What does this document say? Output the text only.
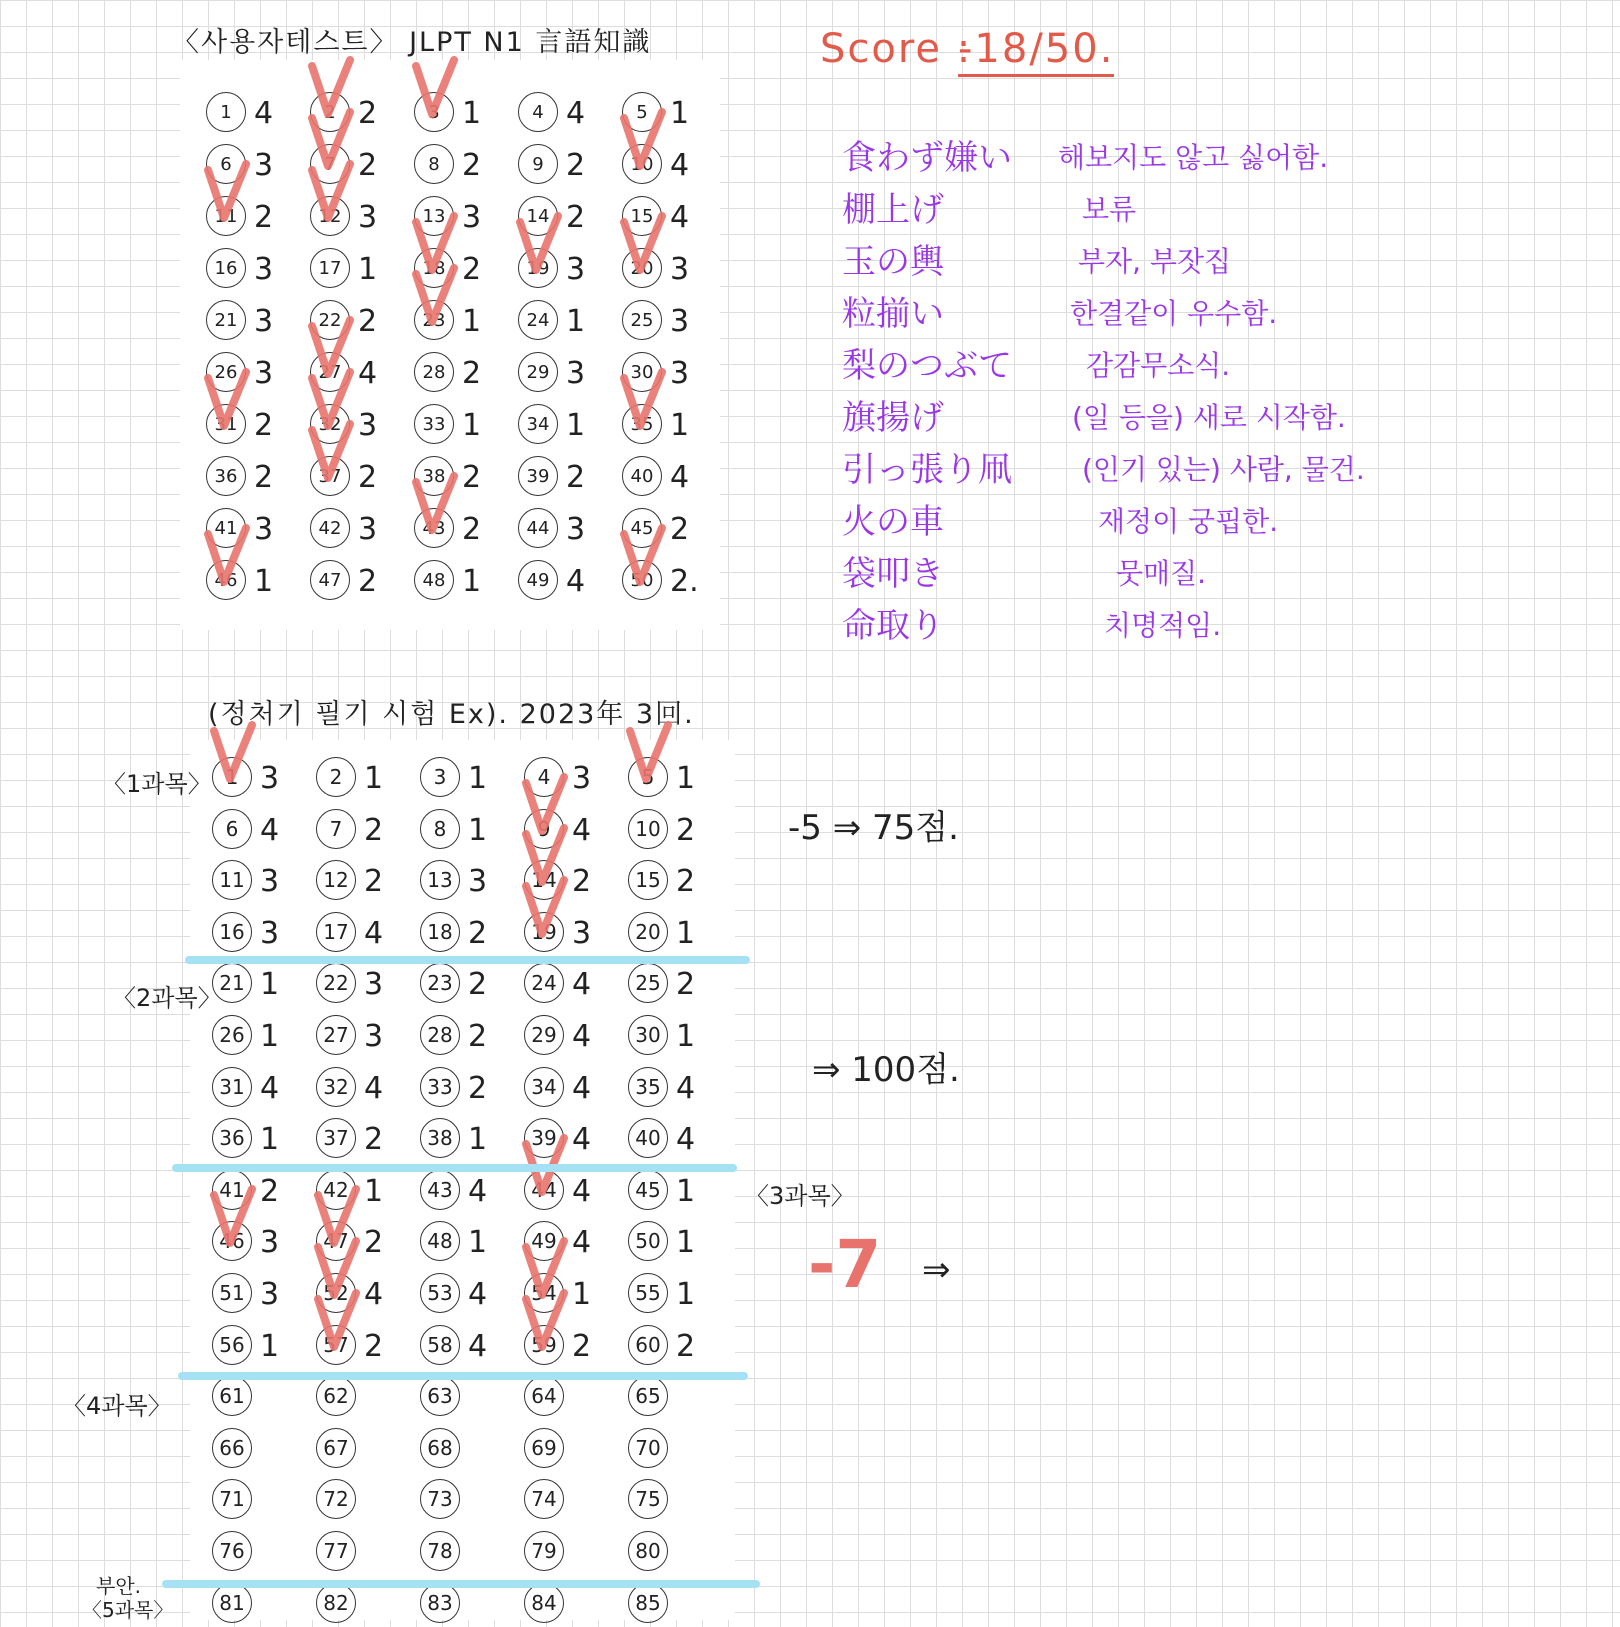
〈사용자테스트〉 JLPT N1 言語知識
1 4	2 2	3 1	4 4	5 1
6 3	7 2	8 2	9 2	10 4
11 2	12 3	13 3	14 2	15 4
16 3	17 1	18 2	19 3	20 3
21 3	22 2	23 1	24 1	25 3
26 3	27 4	28 2	29 3	30 3
31 2	32 3	33 1	34 1	35 1
36 2	37 2	38 2	39 2	40 4
41 3	42 3	43 2	44 3	45 2
46 1	47 2	48 1	49 4	50 2.
Score :
-18/50.
食わず嫌い 해보지도 않고 싫어함.
棚上げ	보류
玉の輿	부자, 부잣집
粒揃い	한결같이 우수함.
梨のつぶて	감감무소식.
旗揚げ	(일 등을) 새로 시작함.
引っ張り凧	(인기 있는) 사람, 물건.
火の車	재정이 궁핍한.
袋叩き	뭇매질.
命取り	치명적임.
(정처기 필기 시험 Ex). 2023年 3回.
〈1과목〉
〈2과목〉
〈3과목〉
〈4과목〉
부안.
〈5과목〉
1 3	2 1	3 1	4 3	5 1
6 4	7 2	8 1	9 4	10 2
11 3	12 2	13 3	14 2	15 2
16 3	17 4	18 2	19 3	20 1
21 1	22 3	23 2	24 4	25 2
26 1	27 3	28 2	29 4	30 1
31 4	32 4	33 2	34 4	35 4
36 1	37 2	38 1	39 4	40 4
41 2	42 1	43 4	44 4	45 1
46 3	47 2	48 1	49 4	50 1
51 3	52 4	53 4	54 1	55 1
56 1	57 2	58 4	59 2	60 2
61	62	63	64	65
66	67	68	69	70
71	72	73	74	75
76	77	78	79	80
81	82	83	84	85
-5 ⇒ 75점.
⇒ 100점.
-7 ⇒
